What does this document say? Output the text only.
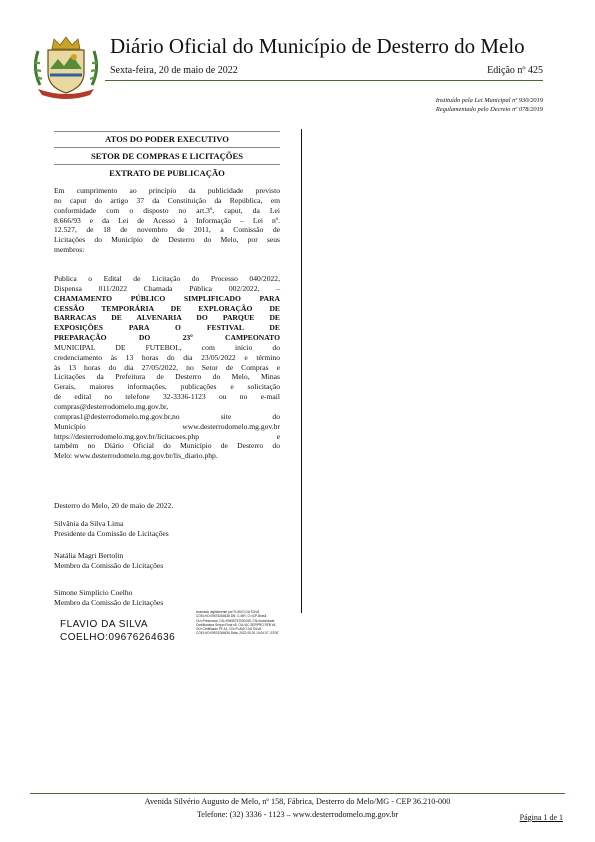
Diário Oficial do Município de Desterro do Melo
Sexta-feira, 20 de maio de 2022	Edição nº 425
Instituído pela Lei Municipal nº 930/2019
Regulamentado pelo Decreto nº 078/2019
ATOS DO PODER EXECUTIVO
SETOR DE COMPRAS E LICITAÇÕES
EXTRATO DE PUBLICAÇÃO

Em cumprimento ao princípio da publicidade previsto

no caput do artigo 37 da Constituição da República, em

conformidade com o disposto no art.3º, caput, da Lei

8.666/93 e da Lei de Acesso à Informação – Lei nº.

12.527, de 18 de novembro de 2011, a Comissão de

Licitações do Município de Desterro do Melo, por seus

membros:

Publica o Edital de Licitação do Processo 040/2022,

Dispensa 011/2022 Chamada Pública 002/2022, –

CHAMAMENTO PÚBLICO SIMPLIFICADO PARA

CESSÃO TEMPORÁRIA DE EXPLORAÇÃO DE

BARRACAS DE ALVENARIA DO PARQUE DE

EXPOSIÇÕES PARA O FESTIVAL DE

PREPARAÇÃO DO 23º CAMPEONATO

MUNICIPAL DE FUTEBOL, com início do

credenciamento às 13 horas do dia 23/05/2022 e término

às 13 horas do dia 27/05/2022, no Setor de Compras e

Licitações da Prefeitura de Desterro do Melo, Minas

Gerais, maiores informações, publicações e solicitação

de edital no telefone 32-3336-1123 ou no e-mail

compras@desterrodomelo.mg.gov.br,

compras1@desterrodomelo.mg.gov.br,no site do

Município www.desterrodomelo.mg.gov.br

https://desterrodomelo.mg.gov.br/licitacoes.php e

também no Diário Oficial do Município de Desterro do

Melo: www.desterrodomelo.mg.gov.br/lis_diario.php.

Desterro do Melo, 20 de maio de 2022.

Silvânia da Silva Lima

Presidente da Comissão de Licitações

Natália Magri Bertolin

Membro da Comissão de Licitações

Simone Simplício Coelho

Membro da Comissão de Licitações

FLAVIO DA SILVA
COELHO:09676264636
Assinado digitalmente por FLAVIO DA SILVA COELHO:09676264636 DN: C=BR, O=ICP-Brasil, OU=Presencial, OU=09456757000155, CN=Autoridade Certificadora Serpro Final v5, OU=AC SERPRO RFB v5, OU=Certificado PF A1, CN=FLAVIO DA SILVA COELHO:09676264636 Data: 2022.05.20 14:04:37 -03'00'
Avenida Silvério Augusto de Melo, nº 158, Fábrica, Desterro do Melo/MG - CEP 36.210-000
Telefone: (32) 3336 - 1123 – www.desterrodomelo.mg.gov.br	Página 1 de 1
